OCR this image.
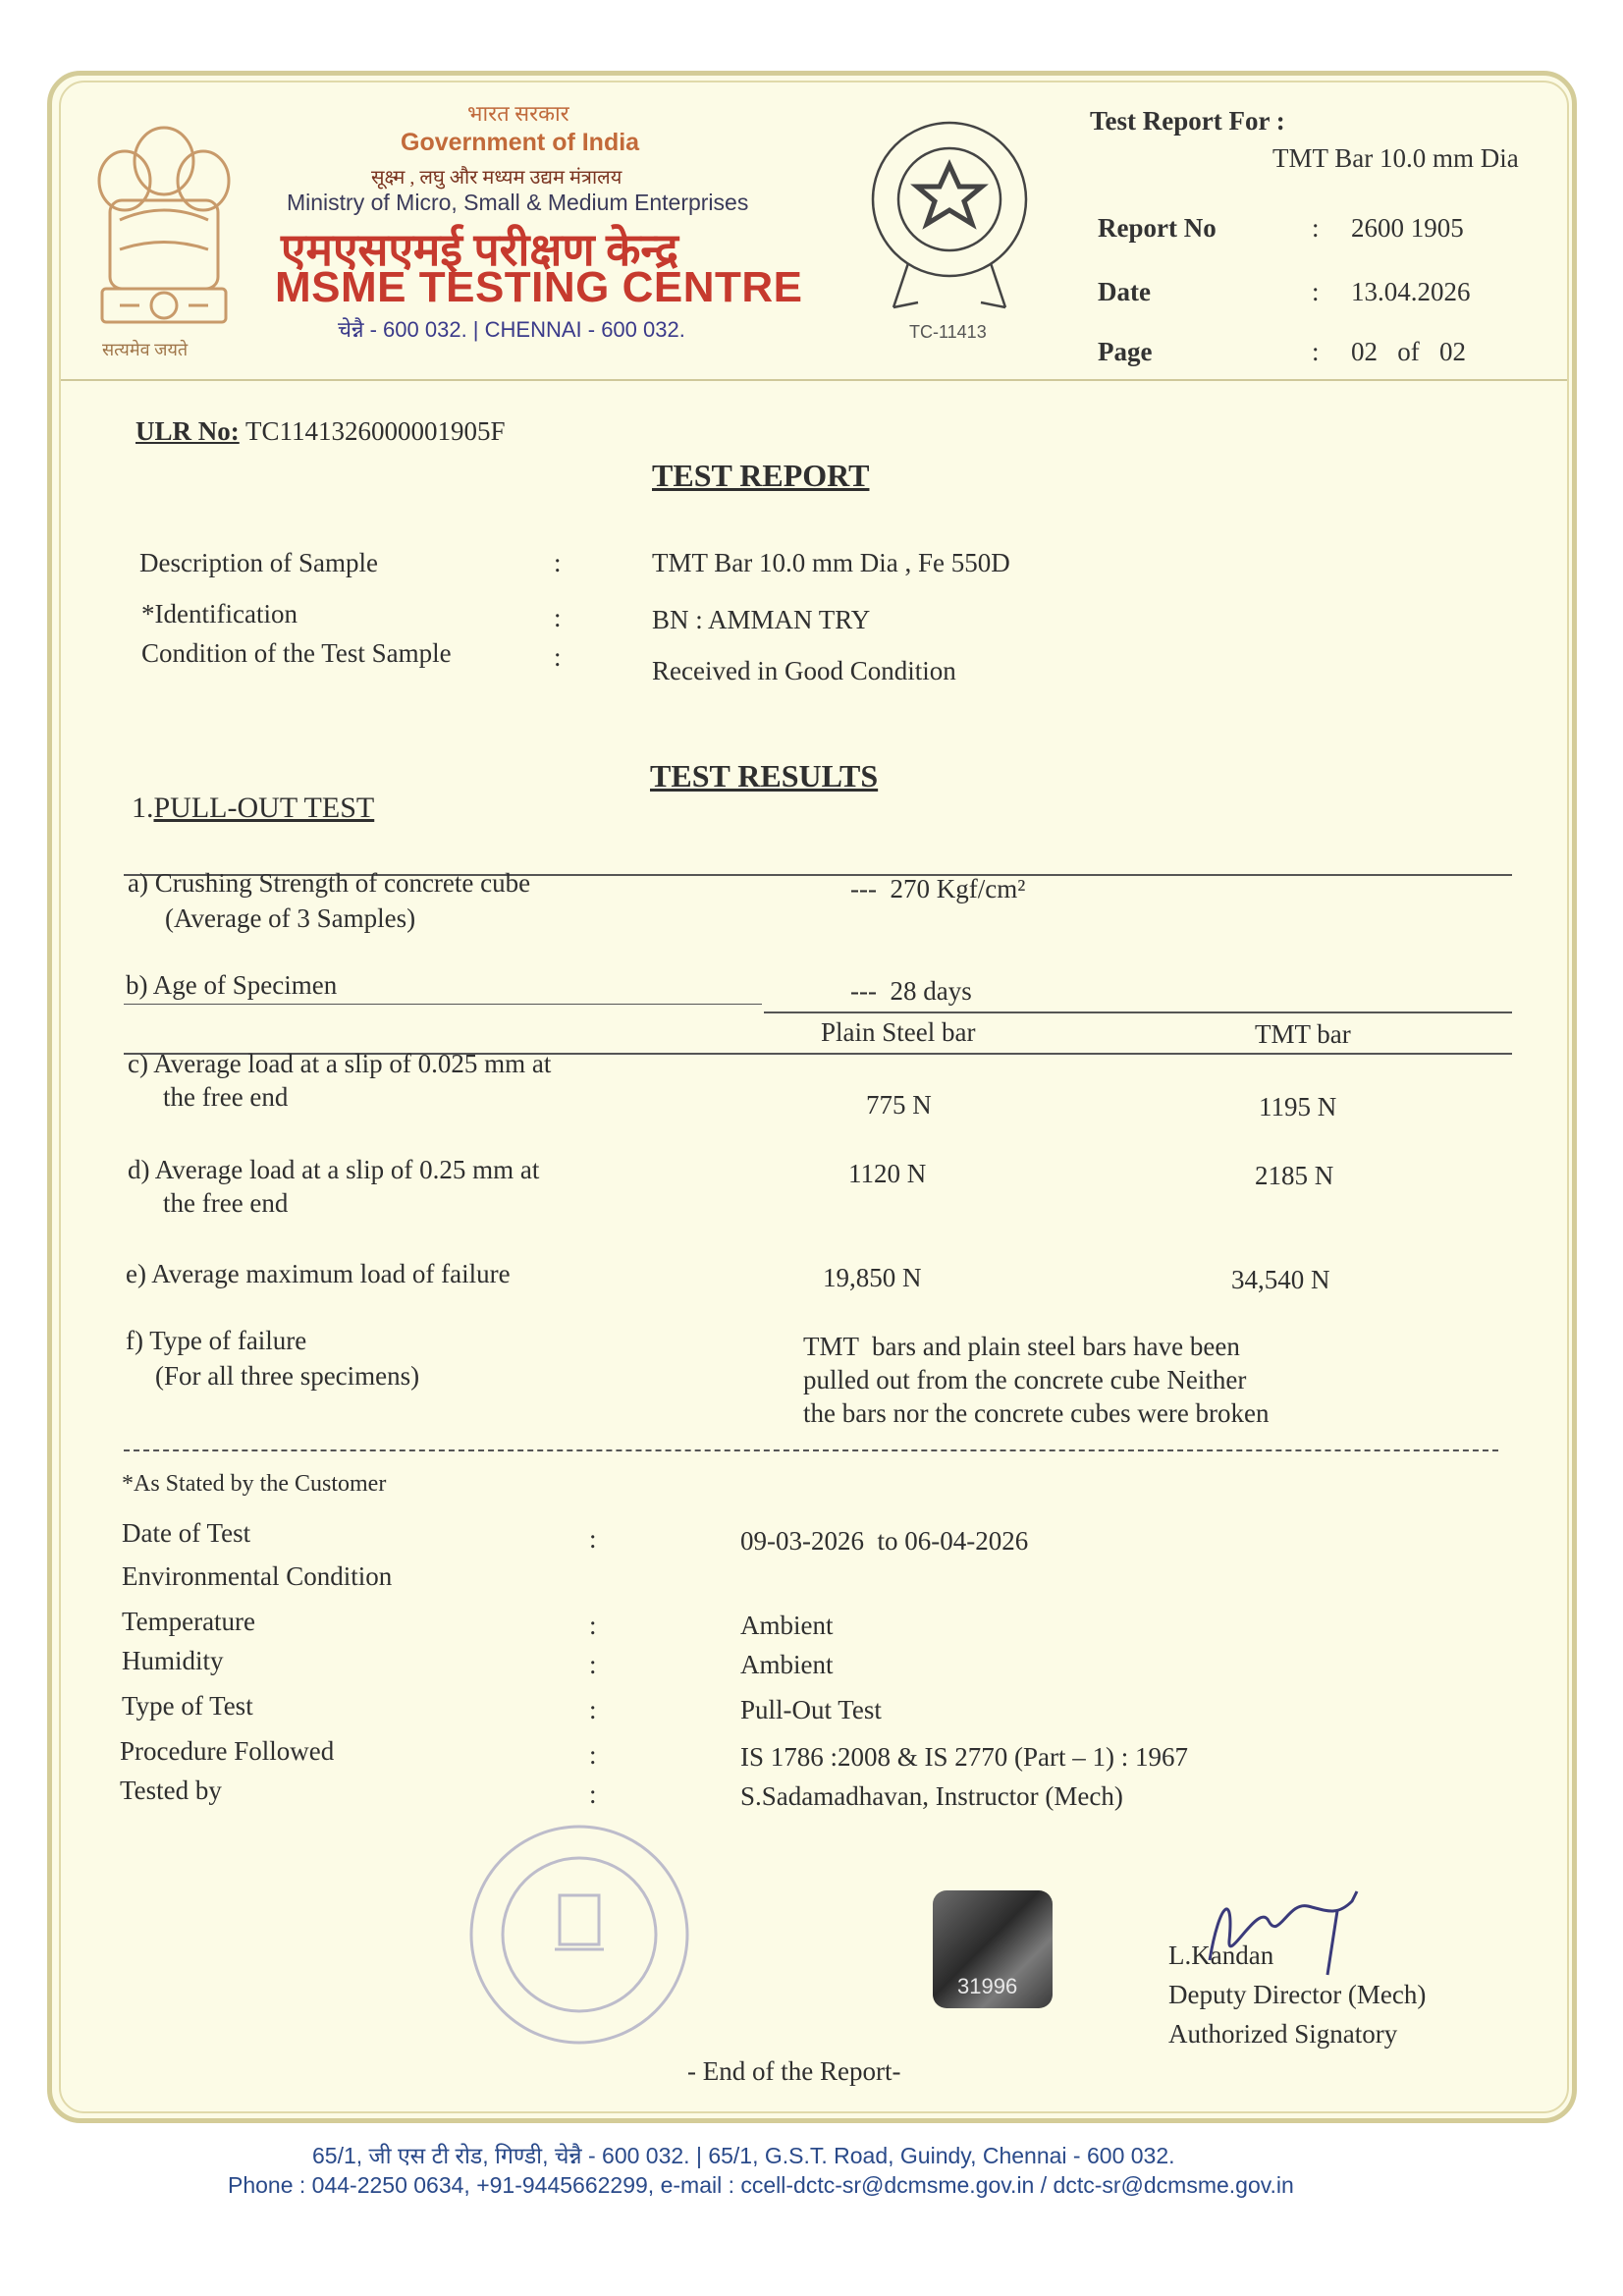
सत्यमेव जयते
भारत सरकार
Government of India
सूक्ष्म , लघु और मध्यम उद्यम मंत्रालय
Ministry of Micro, Small & Medium Enterprises
एमएसएमई परीक्षण केन्द्र
MSME TESTING CENTRE
चेन्नै - 600 032. | CHENNAI - 600 032.	TC-11413
Test Report For :
TMT Bar 10.0 mm Dia
Report No	: 2600 1905
Date	: 13.04.2026
Page	: 02   of   02
ULR No: TC1141326000001905F
TEST REPORT
Description of Sample	:	TMT Bar 10.0 mm Dia , Fe 550D
*Identification	:	BN : AMMAN TRY
Condition of the Test Sample	:	Received in Good Condition
TEST RESULTS
1.PULL-OUT TEST
a) Crushing Strength of concrete cube
(Average of 3 Samples)
---  270 Kgf/cm²
b) Age of Specimen	---  28 days
Plain Steel bar	TMT bar
c) Average load at a slip of 0.025 mm at
the free end	775 N	1195 N
d) Average load at a slip of 0.25 mm at
the free end
1120 N	2185 N
e) Average maximum load of failure	19,850 N	34,540 N
f) Type of failure
(For all three specimens)
TMT  bars and plain steel bars have been
pulled out from the concrete cube Neither
the bars nor the concrete cubes were broken
*As Stated by the Customer
Date of Test	:	09-03-2026  to 06-04-2026
Environmental Condition
Temperature	:	Ambient
Humidity	:	Ambient
Type of Test	:	Pull-Out Test
Procedure Followed	:	IS 1786 :2008 & IS 2770 (Part – 1) : 1967
Tested by	:	S.Sadamadhavan, Instructor (Mech)
31996
L.Kandan
Deputy Director (Mech)
Authorized Signatory
- End of the Report-
65/1, जी एस टी रोड, गिण्डी, चेन्नै - 600 032. | 65/1, G.S.T. Road, Guindy, Chennai - 600 032.
Phone : 044-2250 0634, +91-9445662299, e-mail : ccell-dctc-sr@dcmsme.gov.in / dctc-sr@dcmsme.gov.in
